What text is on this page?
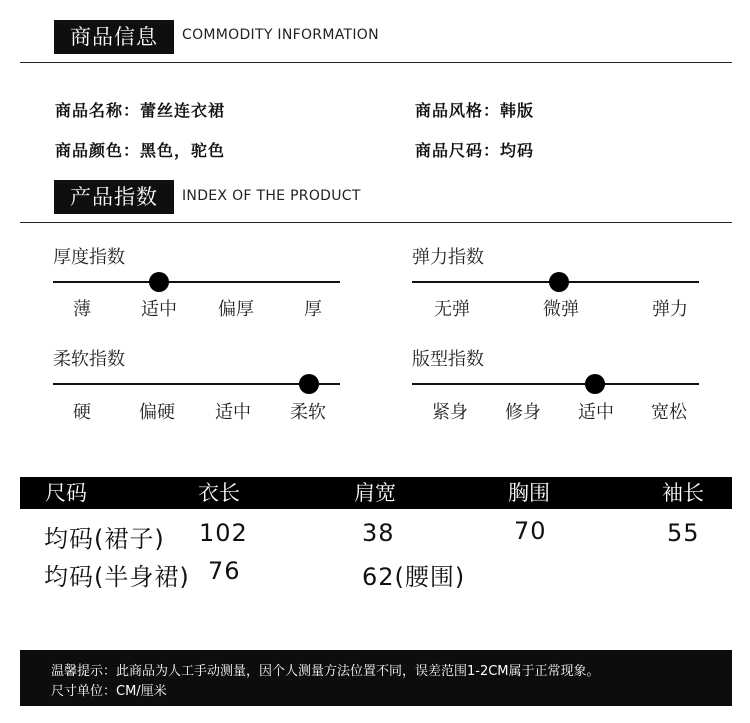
商品信息	COMMODITY INFORMATION
商品名称：蕾丝连衣裙	商品风格：韩版
商品颜色：黑色，驼色	商品尺码：均码
产品指数	INDEX OF THE PRODUCT
厚度指数
薄	适中	偏厚	厚
弹力指数
无弹	微弹	弹力
柔软指数
硬	偏硬	适中	柔软
版型指数
紧身	修身	适中	宽松
尺码	衣长	肩宽	胸围	袖长
均码(裙子) 102	38	70	55
均码(半身裙) 76	62(腰围)
温馨提示：此商品为人工手动测量，因个人测量方法位置不同，误差范围1-2CM属于正常现象。
尺寸单位：CM/厘米
